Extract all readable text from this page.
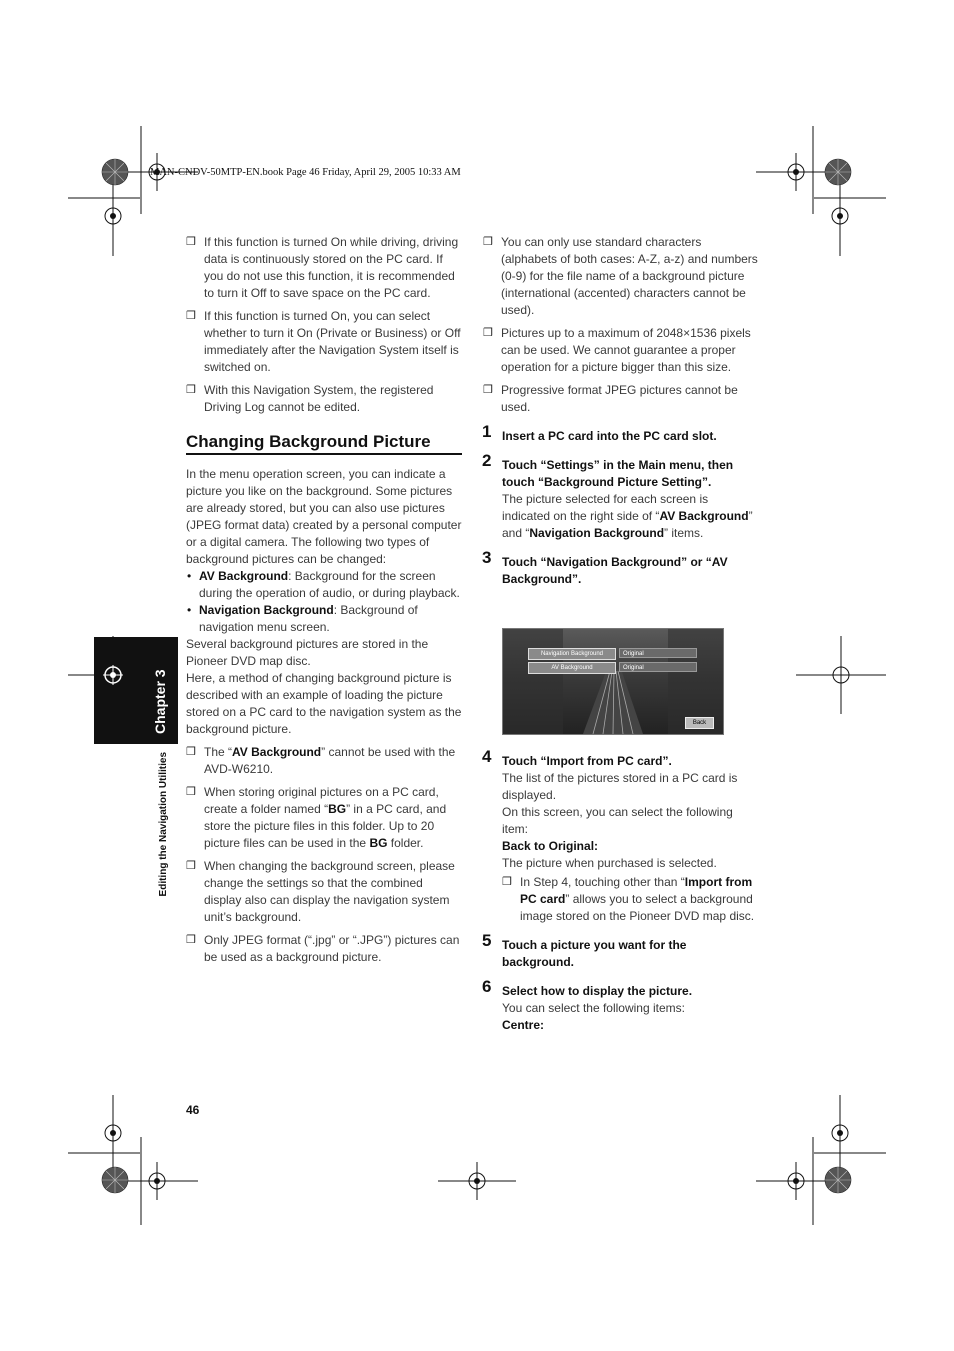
MAN-CNDV-50MTP-EN.book Page 46 Friday, April 29, 2005 10:33 AM
Chapter 3
Editing the Navigation Utilities

❒ If this function is turned On while driving, driving data is continuously stored on the PC card. If you do not use this function, it is recommended to turn it Off to save space on the PC card.

❒ If this function is turned On, you can select whether to turn it On (Private or Business) or Off immediately after the Navigation System itself is switched on.

❒ With this Navigation System, the registered Driving Log cannot be edited.

Changing Background Picture

In the menu operation screen, you can indicate a picture you like on the background. Some pictures are already stored, but you can also use pictures (JPEG format data) created by a personal computer or a digital camera. The following two types of background pictures can be changed:

• AV Background: Background for the screen during the operation of audio, or during playback.

• Navigation Background: Background of navigation menu screen.

Several background pictures are stored in the Pioneer DVD map disc.

Here, a method of changing background picture is described with an example of loading the picture stored on a PC card to the navigation system as the background picture.

❒ The “AV Background” cannot be used with the AVD-W6210.

❒ When storing original pictures on a PC card, create a folder named “BG” in a PC card, and store the picture files in this folder. Up to 20 picture files can be used in the BG folder.

❒ When changing the background screen, please change the settings so that the combined display also can display the navigation system unit’s background.

❒ Only JPEG format (“.jpg” or “.JPG”) pictures can be used as a background picture.

❒ You can only use standard characters (alphabets of both cases: A-Z, a-z) and numbers (0-9) for the file name of a background picture (international (accented) characters cannot be used).

❒ Pictures up to a maximum of 2048×1536 pixels can be used. We cannot guarantee a proper operation for a picture bigger than this size.

❒ Progressive format JPEG pictures cannot be used.

1 Insert a PC card into the PC card slot.

2 Touch “Settings” in the Main menu, then touch “Background Picture Setting”.

The picture selected for each screen is indicated on the right side of “AV Background” and “Navigation Background” items.

3 Touch “Navigation Background” or “AV Background”.

Navigation Background	Original
AV Background	Original
Back
4 Touch “Import from PC card”.

The list of the pictures stored in a PC card is displayed.

On this screen, you can select the following item:

Back to Original:

The picture when purchased is selected.

❒ In Step 4, touching other than “Import from PC card” allows you to select a background image stored on the Pioneer DVD map disc.

5 Touch a picture you want for the background.

6 Select how to display the picture.

You can select the following items:

Centre:

46
